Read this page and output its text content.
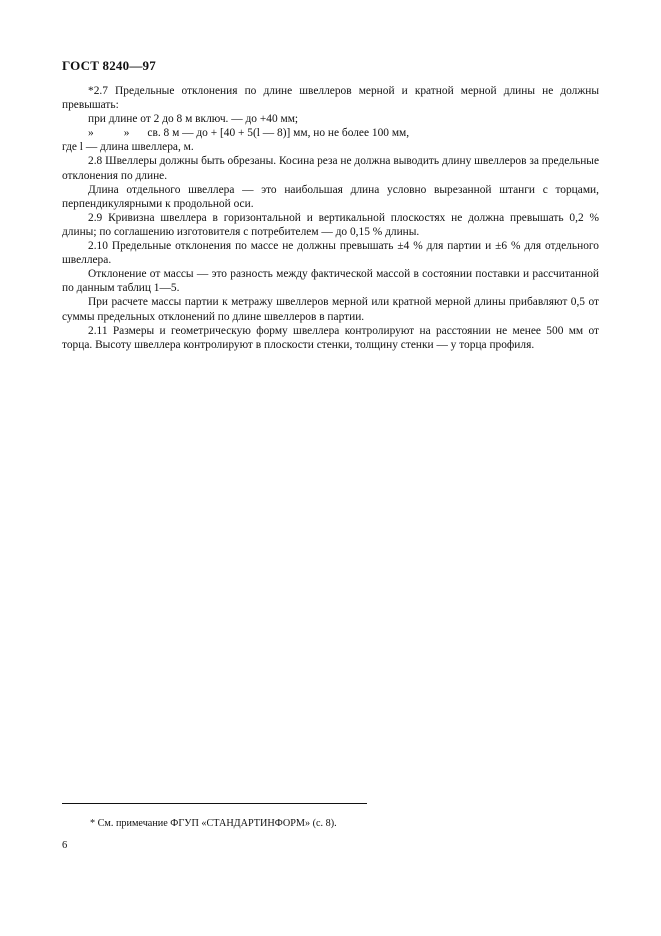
ГОСТ 8240—97

*2.7 Предельные отклонения по длине швеллеров мерной и кратной мерной длины не должны превышать:

при длине от 2 до 8 м включ. — до +40 мм;

»	» св. 8 м — до + [40 + 5(l — 8)] мм, но не более 100 мм,

где l — длина швеллера, м.

2.8 Швеллеры должны быть обрезаны. Косина реза не должна выводить длину швеллеров за предельные отклонения по длине.

Длина отдельного швеллера — это наибольшая длина условно вырезанной штанги с торцами, перпендикулярными к продольной оси.

2.9 Кривизна швеллера в горизонтальной и вертикальной плоскостях не должна превышать 0,2 % длины; по соглашению изготовителя с потребителем — до 0,15 % длины.

2.10 Предельные отклонения по массе не должны превышать ±4 % для партии и ±6 % для отдельного швеллера.

Отклонение от массы — это разность между фактической массой в состоянии поставки и рассчитанной по данным таблиц 1—5.

При расчете массы партии к метражу швеллеров мерной или кратной мерной длины прибавляют 0,5 от суммы предельных отклонений по длине швеллеров в партии.

2.11 Размеры и геометрическую форму швеллера контролируют на расстоянии не менее 500 мм от торца. Высоту швеллера контролируют в плоскости стенки, толщину стенки — у торца профиля.

* См. примечание ФГУП «СТАНДАРТИНФОРМ» (с. 8).
6
